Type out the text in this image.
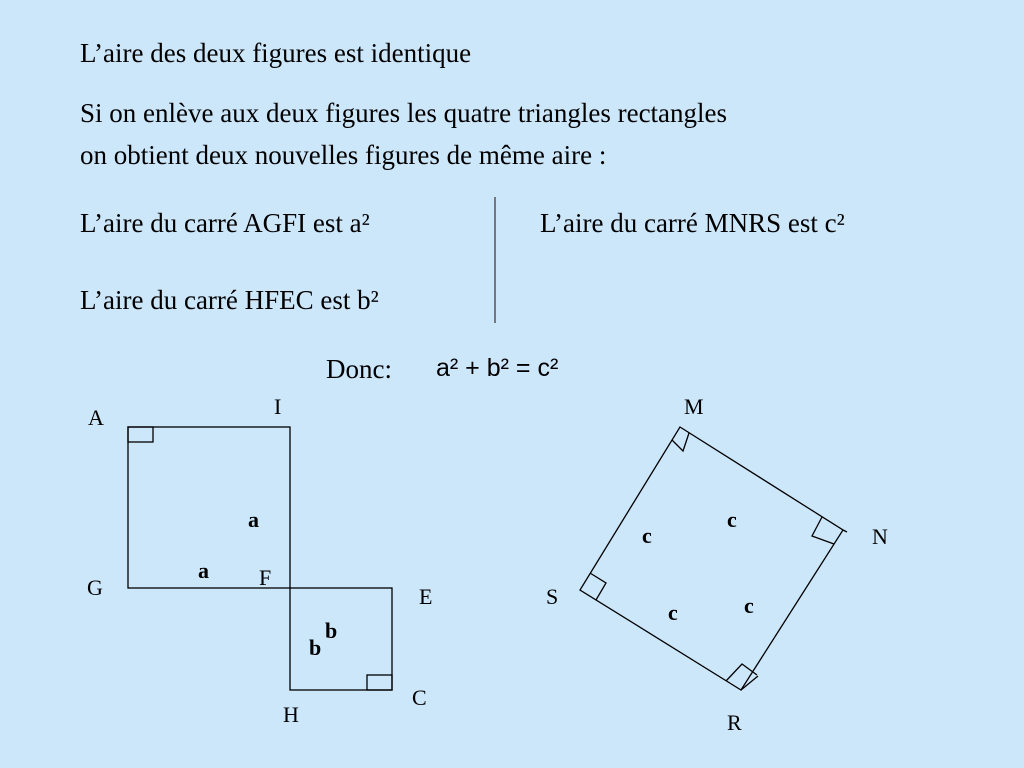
L’aire des deux figures est identique
Si on enlève aux deux figures les quatre triangles rectangles
on obtient deux nouvelles figures de même aire :
L’aire du carré AGFI est a²	L’aire du carré MNRS est c²
L’aire du carré HFEC est b²
Donc: a² + b² = c²
A	I
G	F
E
H
C
a
a
b
b
M
N
S
R
c
c
c	c
